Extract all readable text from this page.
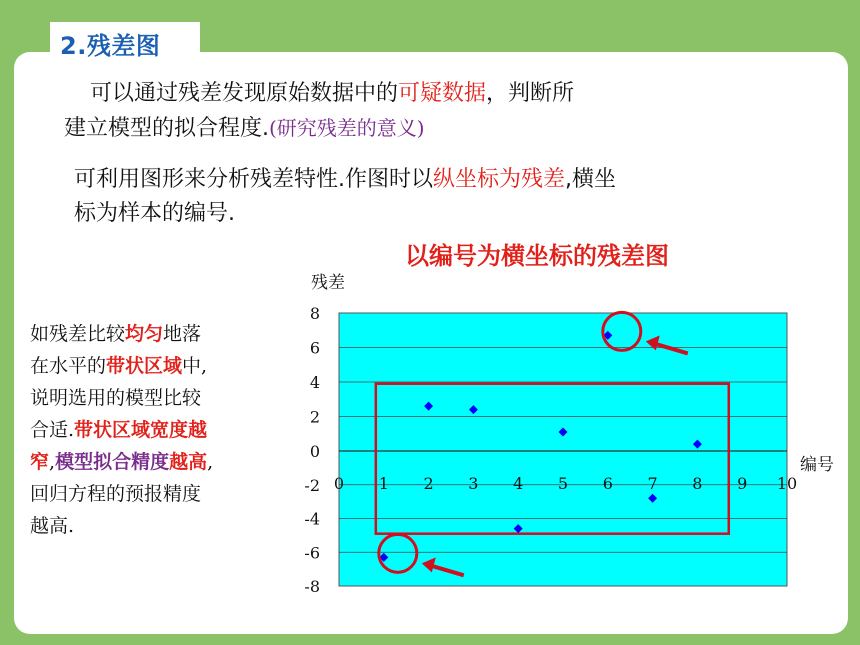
2.残差图
可以通过残差发现原始数据中的可疑数据，判断所
建立模型的拟合程度.(研究残差的意义)
可利用图形来分析残差特性.作图时以纵坐标为残差,横坐
标为样本的编号.
以编号为横坐标的残差图
如残差比较均匀地落
在水平的带状区域中,
说明选用的模型比较
合适.带状区域宽度越
窄,模型拟合精度越高,
回归方程的预报精度
越高.
8
6
4
2
0
-2
-4
-6
-8
0 1 2 3 4 5 6 7 8 9 10
残差
编号
